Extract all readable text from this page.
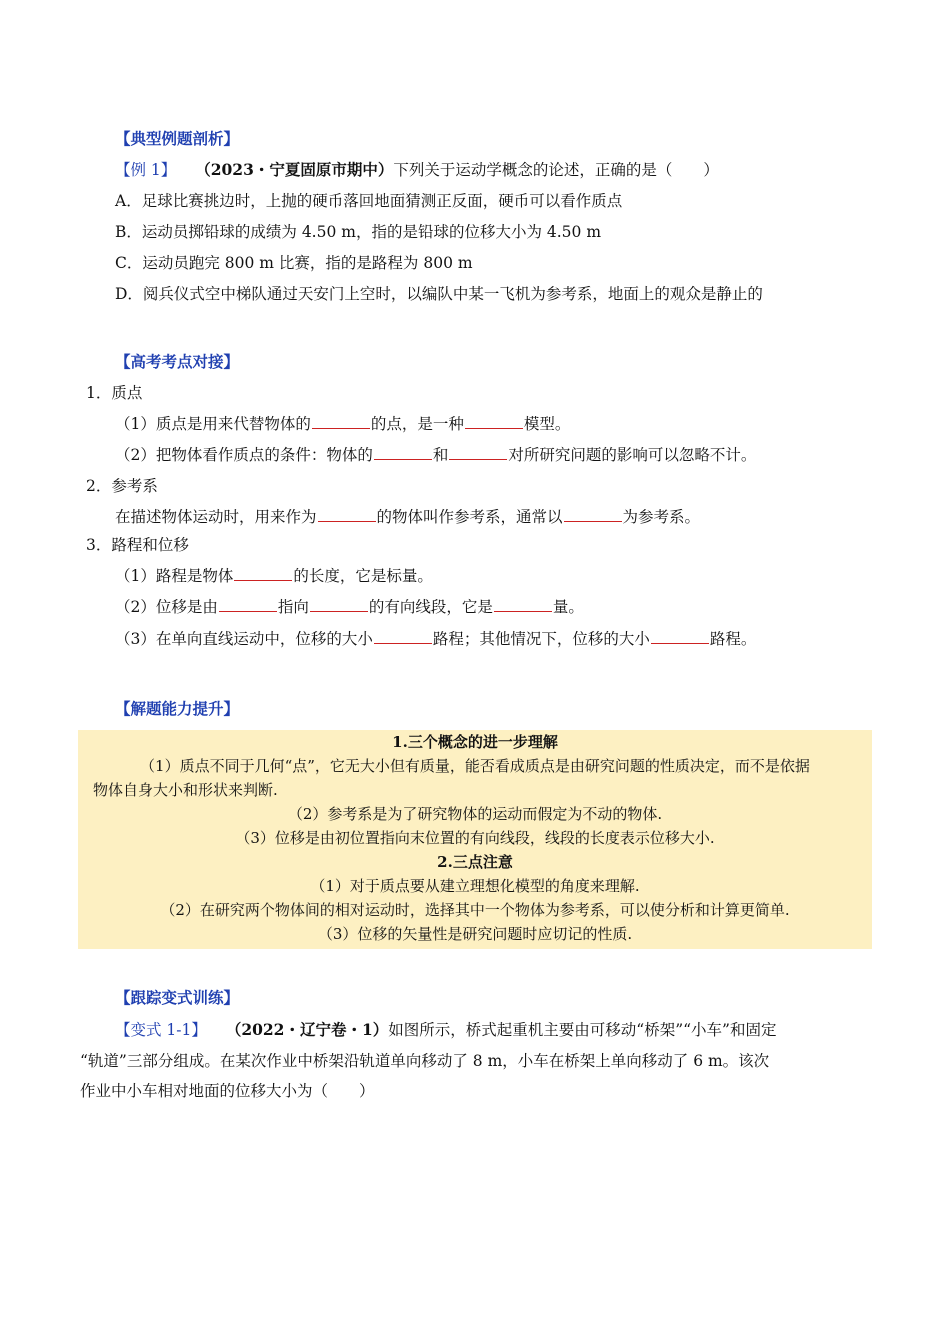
【典型例题剖析】
【例 1】 （2023・宁夏固原市期中）下列关于运动学概念的论述，正确的是（　　）
A．足球比赛挑边时，上抛的硬币落回地面猜测正反面，硬币可以看作质点
B．运动员掷铅球的成绩为 4.50 m，指的是铅球的位移大小为 4.50 m
C．运动员跑完 800 m 比赛，指的是路程为 800 m
D．阅兵仪式空中梯队通过天安门上空时，以编队中某一飞机为参考系，地面上的观众是静止的
【高考考点对接】
1．质点
（1）质点是用来代替物体的	的点，是一种	模型。
（2）把物体看作质点的条件：物体的	和	对所研究问题的影响可以忽略不计。
2．参考系
在描述物体运动时，用来作为	的物体叫作参考系，通常以	为参考系。
3．路程和位移
（1）路程是物体	的长度，它是标量。
（2）位移是由	指向	的有向线段，它是	量。
（3）在单向直线运动中，位移的大小	路程；其他情况下，位移的大小	路程。
【解题能力提升】
1.三个概念的进一步理解
（1）质点不同于几何“点”，它无大小但有质量，能否看成质点是由研究问题的性质决定，而不是依据
物体自身大小和形状来判断.
（2）参考系是为了研究物体的运动而假定为不动的物体.
（3）位移是由初位置指向末位置的有向线段，线段的长度表示位移大小.
2.三点注意
（1）对于质点要从建立理想化模型的角度来理解.
（2）在研究两个物体间的相对运动时，选择其中一个物体为参考系，可以使分析和计算更简单.
（3）位移的矢量性是研究问题时应切记的性质.
【跟踪变式训练】
【变式 1-1】 （2022・辽宁卷・1）如图所示，桥式起重机主要由可移动“桥架”“小车”和固定
“轨道”三部分组成。在某次作业中桥架沿轨道单向移动了 8 m，小车在桥架上单向移动了 6 m。该次
作业中小车相对地面的位移大小为（　　）
